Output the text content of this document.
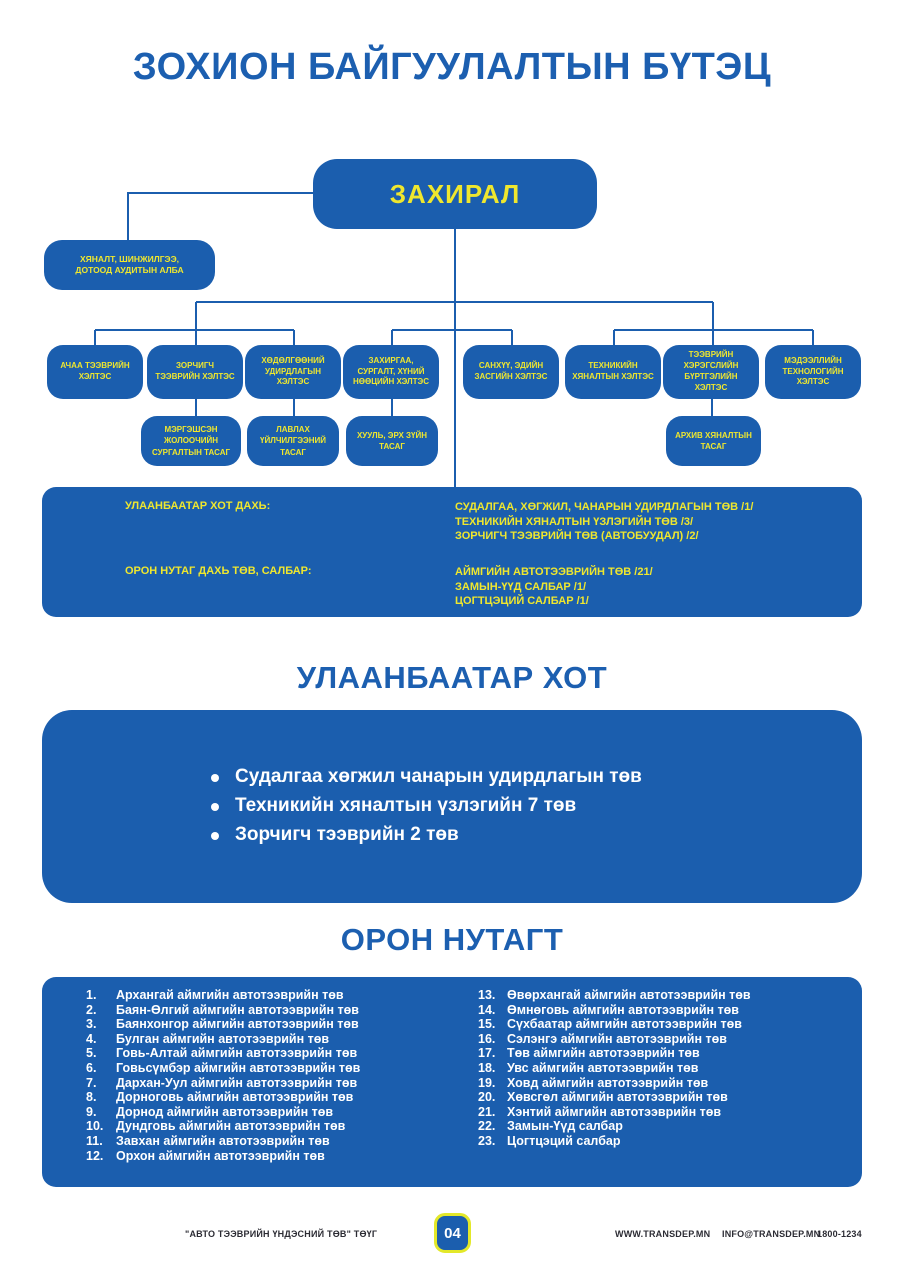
ЗОХИОН БАЙГУУЛАЛТЫН БҮТЭЦ
ЗАХИРАЛ
ХЯНАЛТ, ШИНЖИЛГЭЭ, ДОТООД АУДИТЫН АЛБА
АЧАА ТЭЭВРИЙН ХЭЛТЭС
ЗОРЧИГЧ ТЭЭВРИЙН ХЭЛТЭС
ХӨДӨЛГӨӨНИЙ УДИРДЛАГЫН ХЭЛТЭС
ЗАХИРГАА, СУРГАЛТ, ХҮНИЙ НӨӨЦИЙН ХЭЛТЭС
САНХҮҮ, ЭДИЙН ЗАСГИЙН ХЭЛТЭС
ТЕХНИКИЙН ХЯНАЛТЫН ХЭЛТЭС
ТЭЭВРИЙН ХЭРЭГСЛИЙН БҮРТГЭЛИЙН ХЭЛТЭС
МЭДЭЭЛЛИЙН ТЕХНОЛОГИЙН ХЭЛТЭС
МЭРГЭШСЭН ЖОЛООЧИЙН СУРГАЛТЫН ТАСАГ
ЛАВЛАХ ҮЙЛЧИЛГЭЭНИЙ ТАСАГ
ХУУЛЬ, ЭРХ ЗҮЙН ТАСАГ
АРХИВ ХЯНАЛТЫН ТАСАГ
УЛААНБААТАР ХОТ ДАХЬ:	СУДАЛГАА, ХӨГЖИЛ, ЧАНАРЫН УДИРДЛАГЫН ТӨВ /1/
ТЕХНИКИЙН ХЯНАЛТЫН ҮЗЛЭГИЙН ТӨВ /3/
ЗОРЧИГЧ ТЭЭВРИЙН ТӨВ (АВТОБУУДАЛ) /2/
ОРОН НУТАГ ДАХЬ ТӨВ, САЛБАР:	АЙМГИЙН АВТОТЭЭВРИЙН ТӨВ /21/
ЗАМЫН-ҮҮД САЛБАР /1/
ЦОГТЦЭЦИЙ САЛБАР /1/
УЛААНБААТАР ХОТ
Судалгаа хөгжил чанарын удирдлагын төв
Техникийн хяналтын үзлэгийн 7 төв
Зорчигч тээврийн 2 төв
ОРОН НУТАГТ
1.	Архангай аймгийн автотээврийн төв
2.	Баян-Өлгий аймгийн автотээврийн төв
3.	Баянхонгор аймгийн автотээврийн төв
4.	Булган аймгийн автотээврийн төв
5.	Говь-Алтай аймгийн автотээврийн төв
6.	Говьсүмбэр аймгийн автотээврийн төв
7.	Дархан-Уул аймгийн автотээврийн төв
8.	Дорноговь аймгийн автотээврийн төв
9.	Дорнод аймгийн автотээврийн төв
10.	Дундговь аймгийн автотээврийн төв
11.	Завхан аймгийн автотээврийн төв
12.	Орхон аймгийн автотээврийн төв
13. Өвөрхангай аймгийн автотээврийн төв
14. Өмнөговь аймгийн автотээврийн төв
15. Сүхбаатар аймгийн автотээврийн төв
16. Сэлэнгэ аймгийн автотээврийн төв
17. Төв аймгийн автотээврийн төв
18. Увс аймгийн автотээврийн төв
19. Ховд аймгийн автотээврийн төв
20. Хөвсгөл аймгийн автотээврийн төв
21. Хэнтий аймгийн автотээврийн төв
22. Замын-Үүд салбар
23. Цогтцэций салбар
"АВТО ТЭЭВРИЙН ҮНДЭСНИЙ ТӨВ" ТӨҮГ	04	WWW.TRANSDEP.MN INFO@TRANSDEP.MN
1800-1234
